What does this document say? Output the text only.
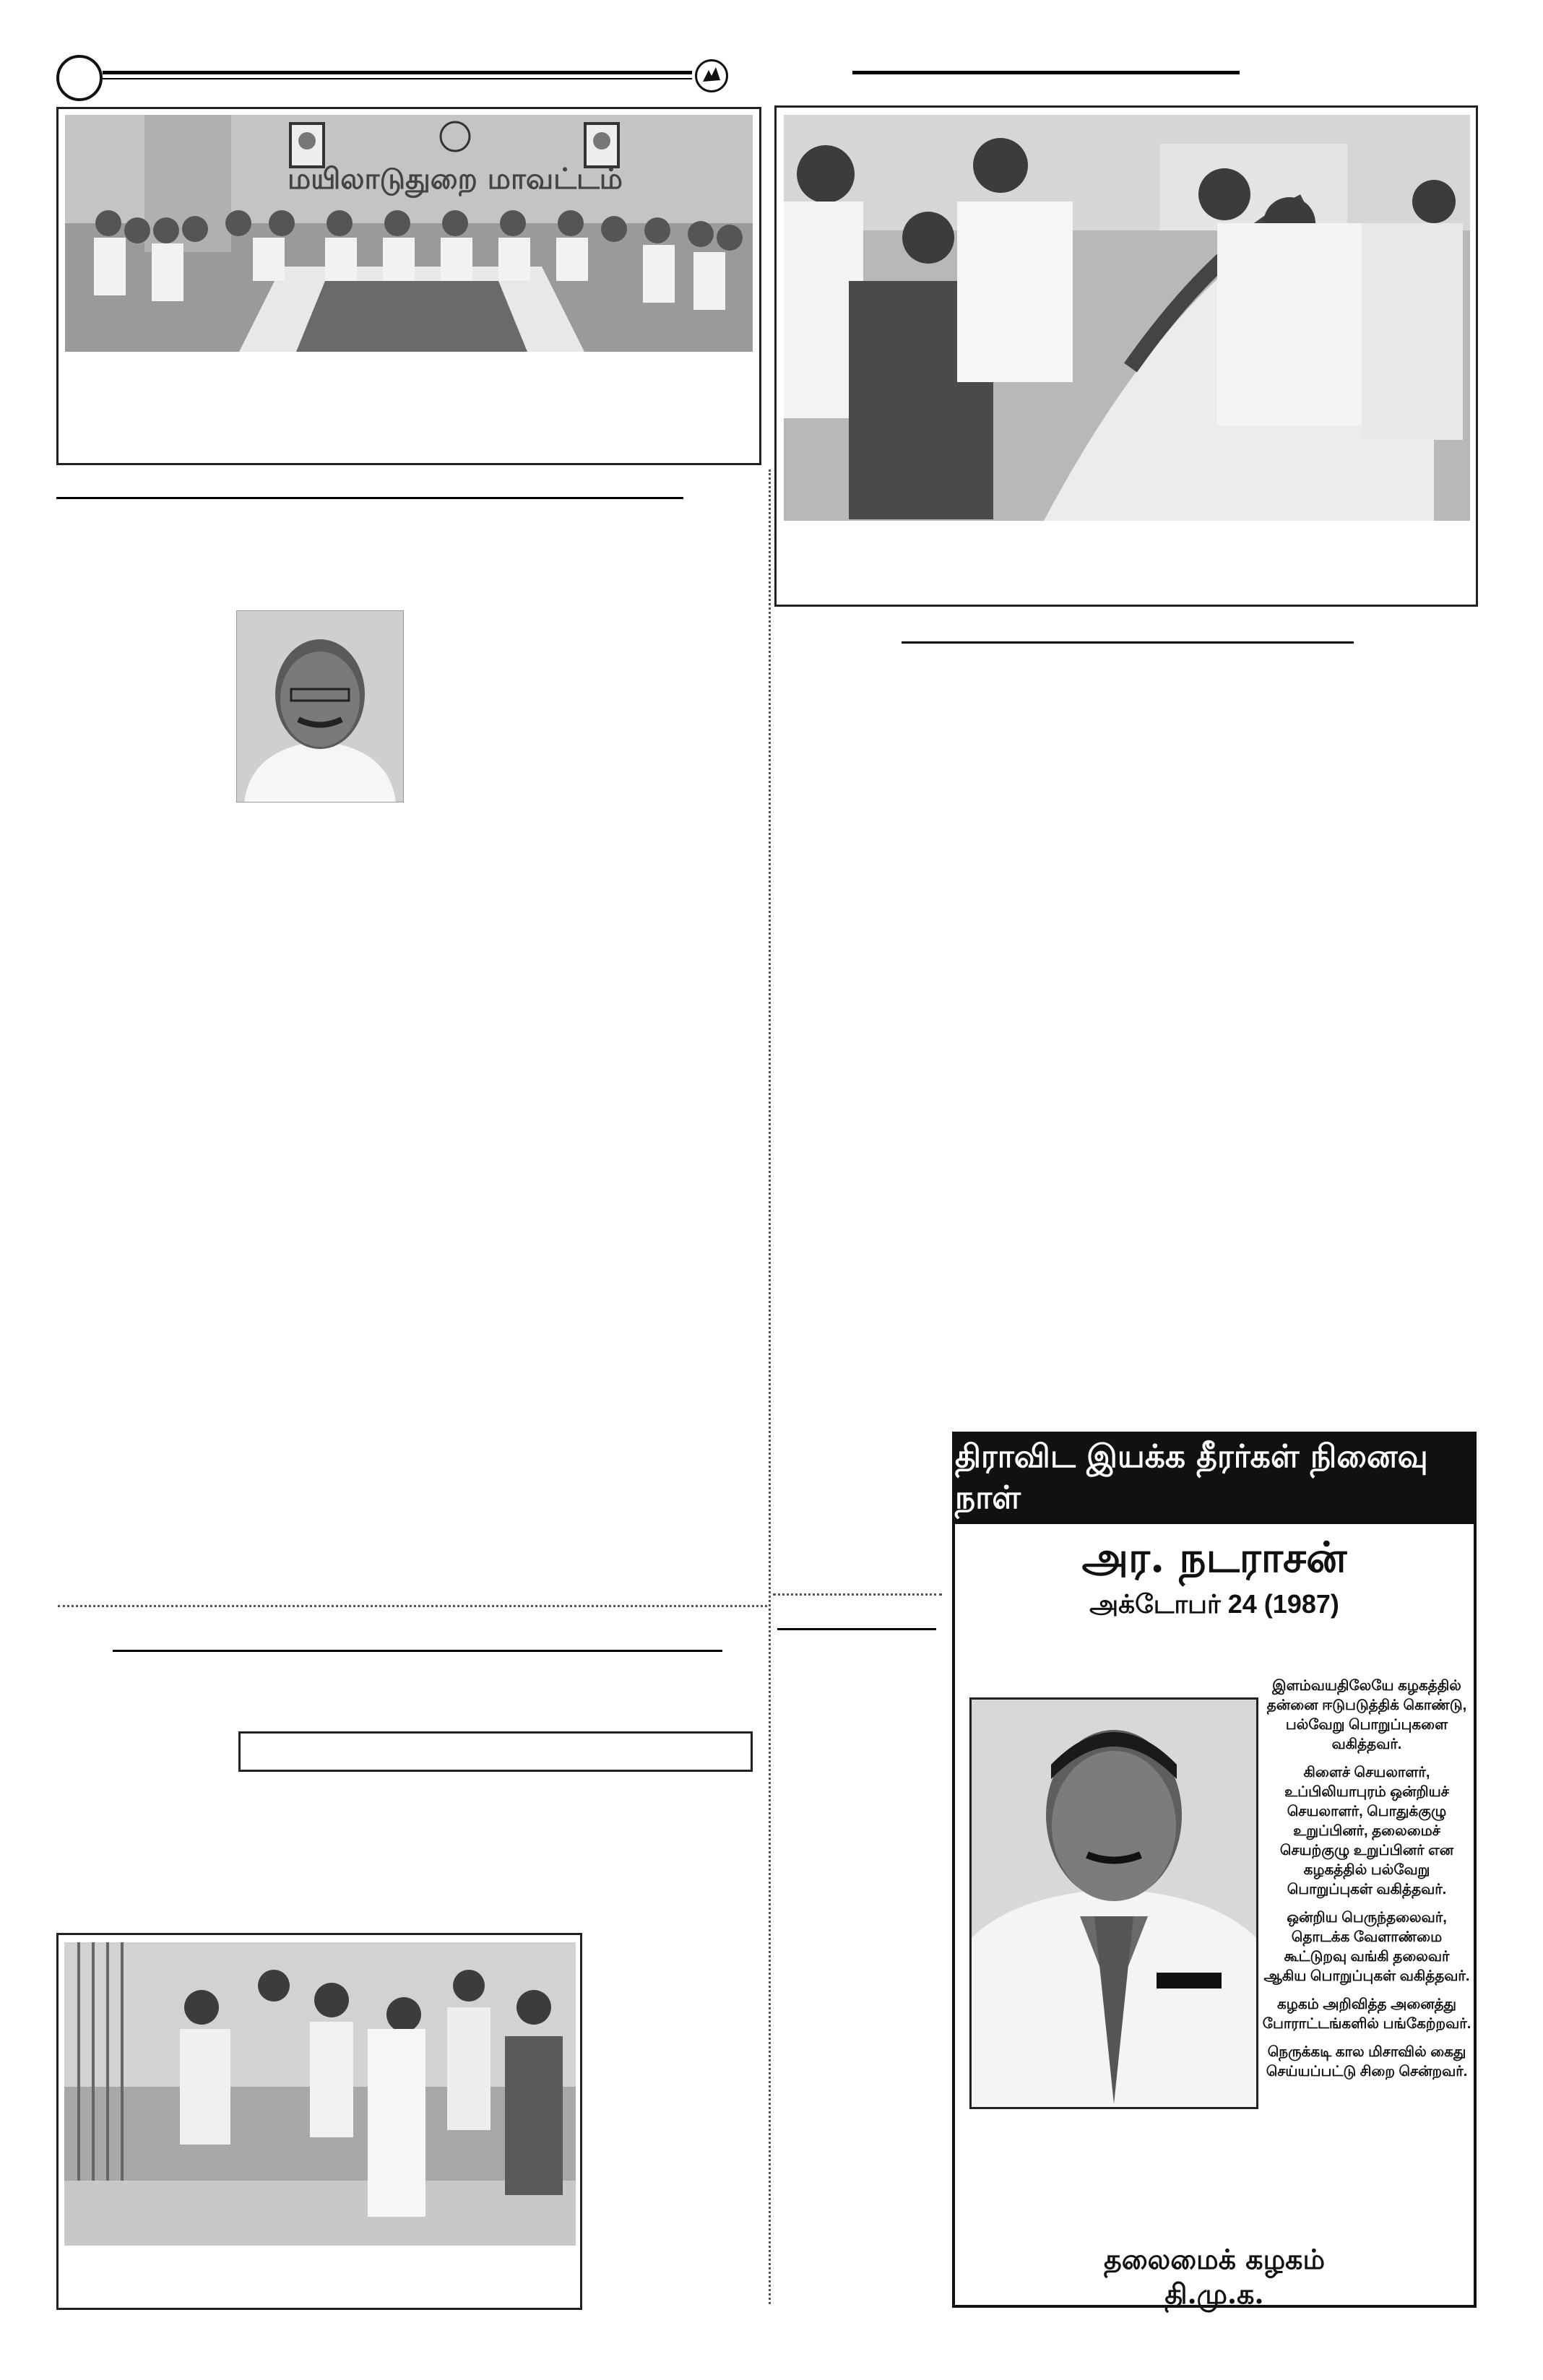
மயிலாடுதுறை மாவட்டம்
திராவிட இயக்க தீரர்கள் நினைவு நாள்
அர. நடராசன்
அக்டோபர் 24 (1987)

இளம்வயதிலேயே கழகத்தில் தன்னை ஈடுபடுத்திக் கொண்டு, பல்வேறு பொறுப்புகளை வகித்தவர்.

கிளைச் செயலாளர், உப்பிலியாபுரம் ஒன்றியச் செயலாளர், பொதுக்குழு உறுப்பினர், தலைமைச் செயற்குழு உறுப்பினர் என கழகத்தில் பல்வேறு பொறுப்புகள் வகித்தவர்.

ஒன்றிய பெருந்தலைவர், தொடக்க வேளாண்மை கூட்டுறவு வங்கி தலைவர் ஆகிய பொறுப்புகள் வகித்தவர்.

கழகம் அறிவித்த அனைத்து போராட்டங்களில் பங்கேற்றவர்.

நெருக்கடி கால மிசாவில் கைது செய்யப்பட்டு சிறை சென்றவர்.

தலைமைக் கழகம்
தி.மு.க.
